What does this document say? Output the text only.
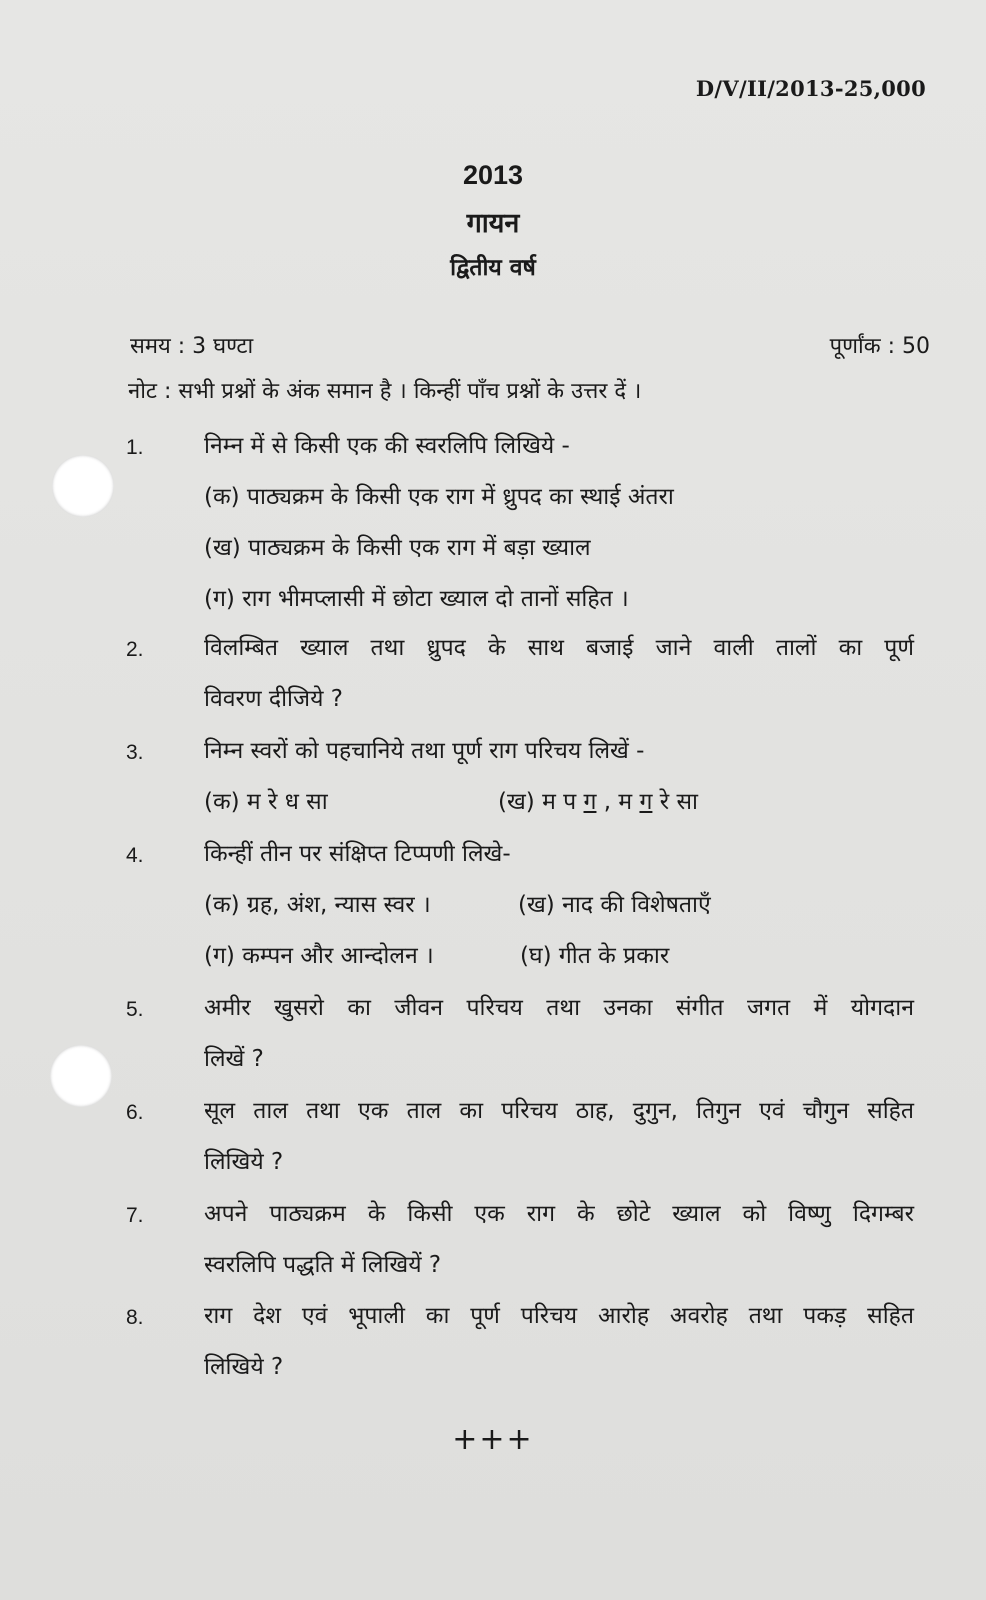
D/V/II/2013-25,000
2013
गायन
द्वितीय वर्ष
समय : 3 घण्टा	पूर्णांक : 50
नोट : सभी प्रश्नों के अंक समान है । किन्हीं पाँच प्रश्नों के उत्तर दें ।
1.	निम्न में से किसी एक की स्वरलिपि लिखिये -
(क) पाठ्यक्रम के किसी एक राग में ध्रुपद का स्थाई अंतरा
(ख) पाठ्यक्रम के किसी एक राग में बड़ा ख्याल
(ग) राग भीमप्लासी में छोटा ख्याल दो तानों सहित ।
2.	विलम्बित ख्याल तथा ध्रुपद के साथ बजाई जाने वाली तालों का पूर्ण
विवरण दीजिये ?
3.	निम्न स्वरों को पहचानिये तथा पूर्ण राग परिचय लिखें -
(क) म रे ध सा	(ख) म प ग , म ग रे सा
4.	किन्हीं तीन पर संक्षिप्त टिप्पणी लिखे-
(क) ग्रह, अंश, न्यास स्वर ।	(ख) नाद की विशेषताएँ
(ग) कम्पन और आन्दोलन ।	(घ) गीत के प्रकार
5.	अमीर खुसरो का जीवन परिचय तथा उनका संगीत जगत में योगदान
लिखें ?
6.	सूल ताल तथा एक ताल का परिचय ठाह, दुगुन, तिगुन एवं चौगुन सहित
लिखिये ?
7.	अपने पाठ्यक्रम के किसी एक राग के छोटे ख्याल को विष्णु दिगम्बर
स्वरलिपि पद्धति में लिखियें ?
8.	राग देश एवं भूपाली का पूर्ण परिचय आरोह अवरोह तथा पकड़ सहित
लिखिये ?
+++
